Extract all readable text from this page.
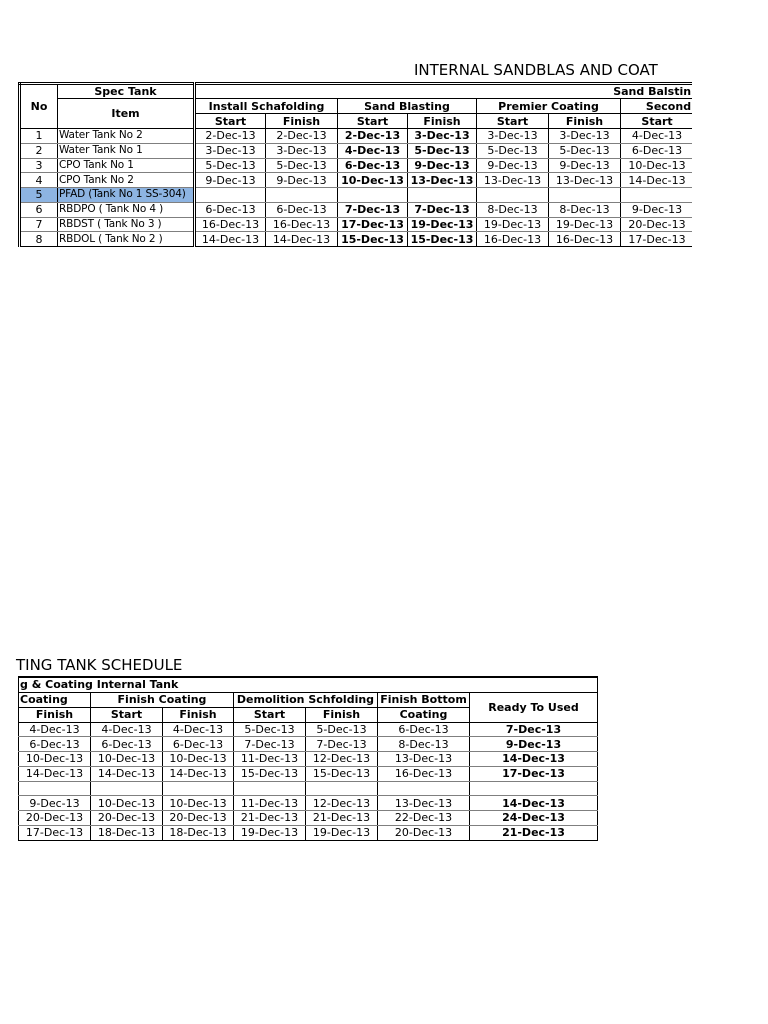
INTERNAL SANDBLAS AND COAT
No	Spec Tank	Sand Balstin						
	Item	Install Schafolding		Sand Blasting		Premier Coating		Second
		Start	Finish	Start	Finish	Start	Finish	Start
1	Water Tank No 2	2-Dec-13	2-Dec-13	2-Dec-13	3-Dec-13	3-Dec-13	3-Dec-13	4-Dec-13
2	Water Tank No 1	3-Dec-13	3-Dec-13	4-Dec-13	5-Dec-13	5-Dec-13	5-Dec-13	6-Dec-13
3	CPO Tank No 1	5-Dec-13	5-Dec-13	6-Dec-13	9-Dec-13	9-Dec-13	9-Dec-13	10-Dec-13
4	CPO Tank No 2	9-Dec-13	9-Dec-13	10-Dec-13	13-Dec-13	13-Dec-13	13-Dec-13	14-Dec-13
5	PFAD (Tank No 1 SS-304)							
6	RBDPO ( Tank No 4 )	6-Dec-13	6-Dec-13	7-Dec-13	7-Dec-13	8-Dec-13	8-Dec-13	9-Dec-13
7	RBDST ( Tank No 3 )	16-Dec-13	16-Dec-13	17-Dec-13	19-Dec-13	19-Dec-13	19-Dec-13	20-Dec-13
8	RBDOL ( Tank No 2 )	14-Dec-13	14-Dec-13	15-Dec-13	15-Dec-13	16-Dec-13	16-Dec-13	17-Dec-13
TING TANK SCHEDULE
g & Coating Internal Tank						
Coating	Finish Coating		Demolition Schfolding		Finish Bottom	Ready To Used
Finish	Start	Finish	Start	Finish	Coating	
4-Dec-13	4-Dec-13	4-Dec-13	5-Dec-13	5-Dec-13	6-Dec-13	7-Dec-13
6-Dec-13	6-Dec-13	6-Dec-13	7-Dec-13	7-Dec-13	8-Dec-13	9-Dec-13
10-Dec-13	10-Dec-13	10-Dec-13	11-Dec-13	12-Dec-13	13-Dec-13	14-Dec-13
14-Dec-13	14-Dec-13	14-Dec-13	15-Dec-13	15-Dec-13	16-Dec-13	17-Dec-13

9-Dec-13	10-Dec-13	10-Dec-13	11-Dec-13	12-Dec-13	13-Dec-13	14-Dec-13
20-Dec-13	20-Dec-13	20-Dec-13	21-Dec-13	21-Dec-13	22-Dec-13	24-Dec-13
17-Dec-13	18-Dec-13	18-Dec-13	19-Dec-13	19-Dec-13	20-Dec-13	21-Dec-13
